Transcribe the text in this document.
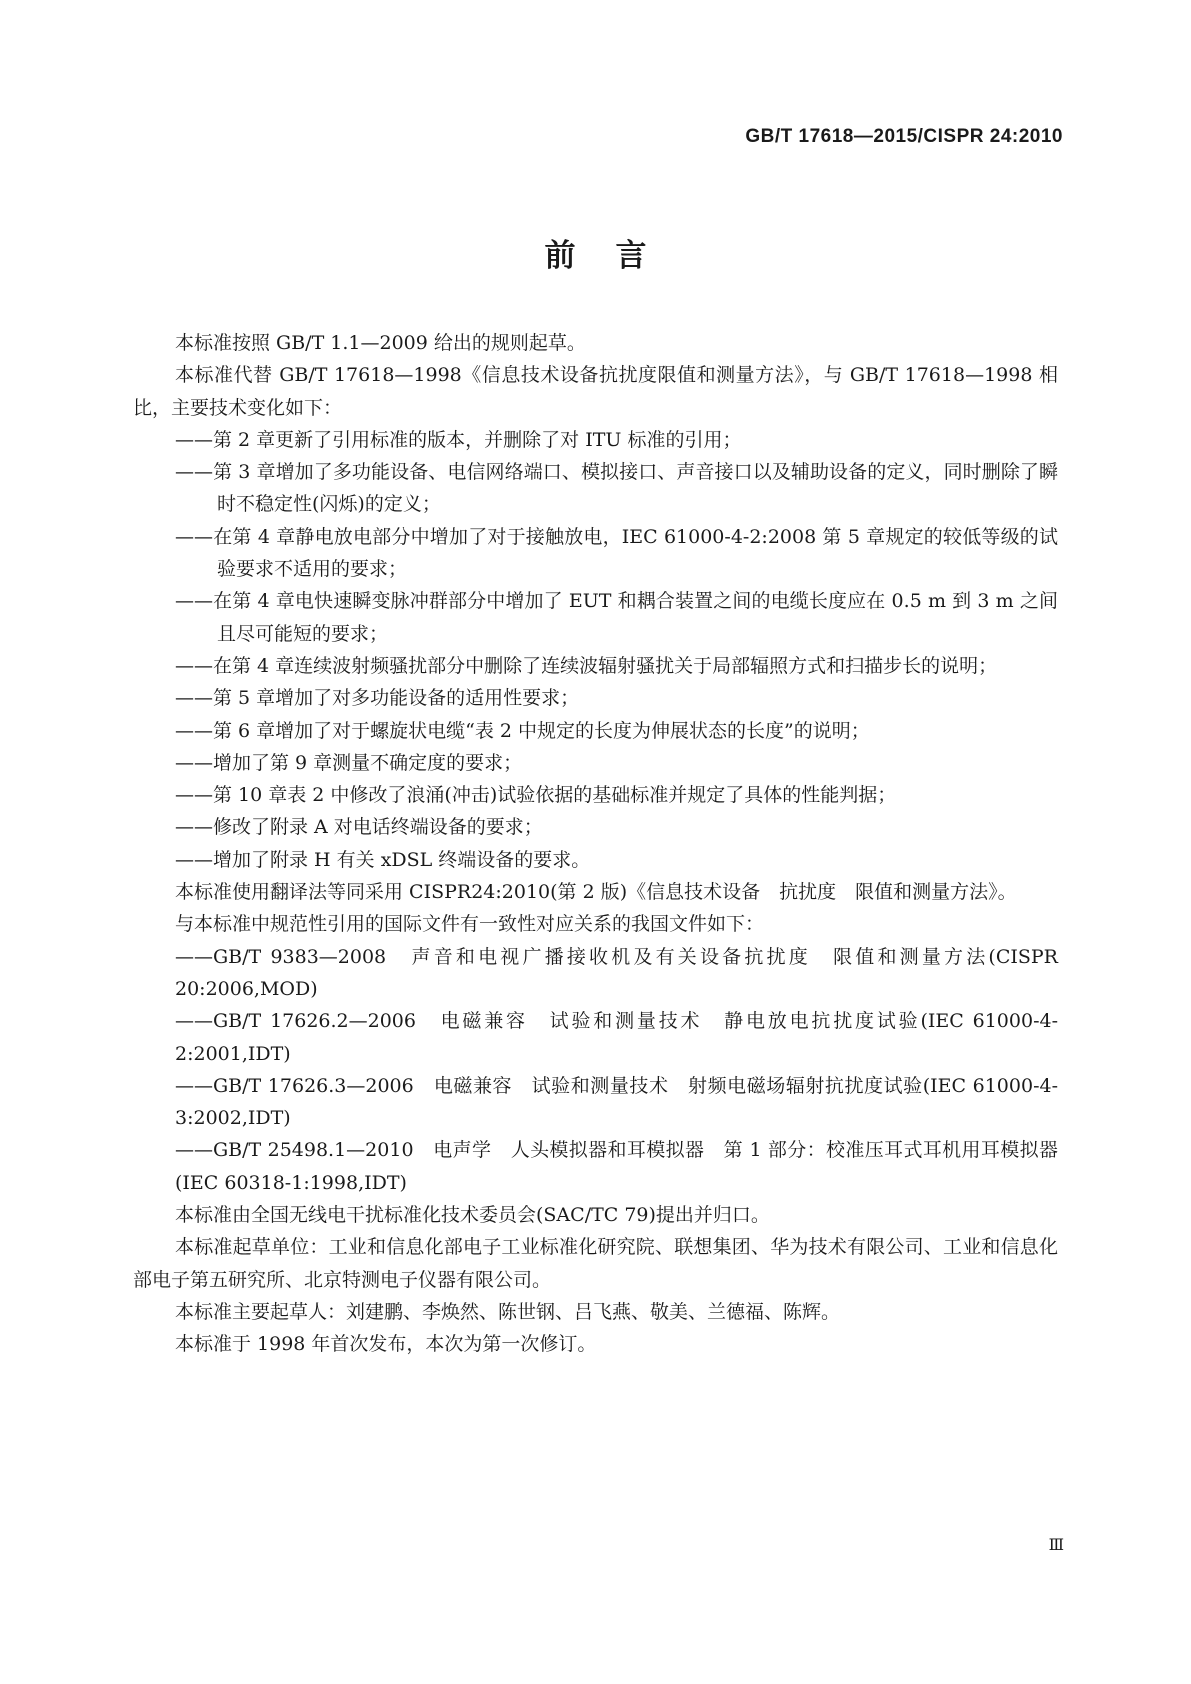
GB/T 17618—2015/CISPR 24:2010
前言

本标准按照 GB/T 1.1—2009 给出的规则起草。

本标准代替 GB/T 17618—1998《信息技术设备抗扰度限值和测量方法》，与 GB/T 17618—1998 相比，主要技术变化如下：

——第 2 章更新了引用标准的版本，并删除了对 ITU 标准的引用；

——第 3 章增加了多功能设备、电信网络端口、模拟接口、声音接口以及辅助设备的定义，同时删除了瞬时不稳定性(闪烁)的定义；

——在第 4 章静电放电部分中增加了对于接触放电，IEC 61000-4-2:2008 第 5 章规定的较低等级的试验要求不适用的要求；

——在第 4 章电快速瞬变脉冲群部分中增加了 EUT 和耦合装置之间的电缆长度应在 0.5 m 到 3 m 之间且尽可能短的要求；

——在第 4 章连续波射频骚扰部分中删除了连续波辐射骚扰关于局部辐照方式和扫描步长的说明；

——第 5 章增加了对多功能设备的适用性要求；

——第 6 章增加了对于螺旋状电缆“表 2 中规定的长度为伸展状态的长度”的说明；

——增加了第 9 章测量不确定度的要求；

——第 10 章表 2 中修改了浪涌(冲击)试验依据的基础标准并规定了具体的性能判据；

——修改了附录 A 对电话终端设备的要求；

——增加了附录 H 有关 xDSL 终端设备的要求。

本标准使用翻译法等同采用 CISPR24:2010(第 2 版)《信息技术设备　抗扰度　限值和测量方法》。

与本标准中规范性引用的国际文件有一致性对应关系的我国文件如下：

——GB/T 9383—2008　声音和电视广播接收机及有关设备抗扰度　限值和测量方法(CISPR 20:2006,MOD)

——GB/T 17626.2—2006　电磁兼容　试验和测量技术　静电放电抗扰度试验(IEC 61000-4-2:2001,IDT)

——GB/T 17626.3—2006　电磁兼容　试验和测量技术　射频电磁场辐射抗扰度试验(IEC 61000-4-3:2002,IDT)

——GB/T 25498.1—2010　电声学　人头模拟器和耳模拟器　第 1 部分：校准压耳式耳机用耳模拟器(IEC 60318-1:1998,IDT)

本标准由全国无线电干扰标准化技术委员会(SAC/TC 79)提出并归口。

本标准起草单位：工业和信息化部电子工业标准化研究院、联想集团、华为技术有限公司、工业和信息化部电子第五研究所、北京特测电子仪器有限公司。

本标准主要起草人：刘建鹏、李焕然、陈世钢、吕飞燕、敬美、兰德福、陈辉。

本标准于 1998 年首次发布，本次为第一次修订。

Ⅲ
